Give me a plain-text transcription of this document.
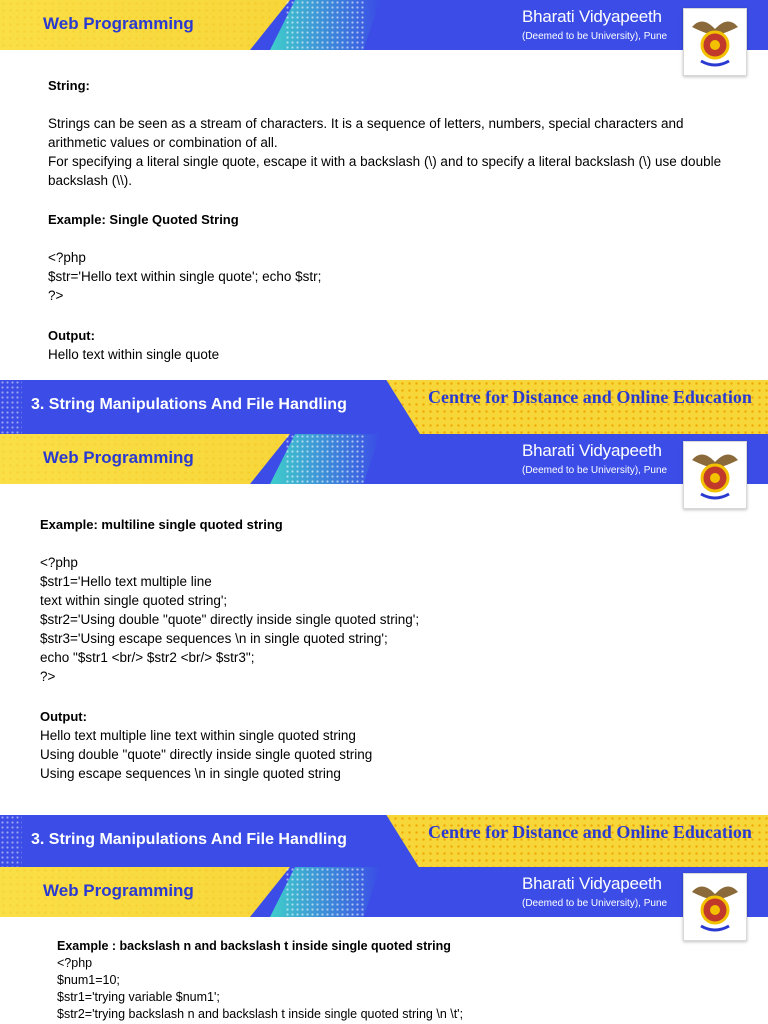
Web Programming	Bharati Vidyapeeth
(Deemed to be University), Pune
String:
Strings can be seen as a stream of characters. It is a sequence of letters, numbers, special characters and arithmetic values or combination of all.
For specifying a literal single quote, escape it with a backslash (\) and to specify a literal backslash (\) use double backslash (\\).
Example: Single Quoted String
<?php
$str='Hello text within single quote'; echo $str;
?>
Output:
Hello text within single quote
3. String Manipulations And File Handling	Centre for Distance and Online Education
Web Programming	Bharati Vidyapeeth
(Deemed to be University), Pune
Example: multiline single quoted string
<?php
$str1='Hello text multiple line
text within single quoted string';
$str2='Using double "quote" directly inside single quoted string';
$str3='Using escape sequences \n in single quoted string';
echo "$str1 <br/> $str2 <br/> $str3";
?>
Output:
Hello text multiple line text within single quoted string
Using double "quote" directly inside single quoted string
Using escape sequences \n in single quoted string
3. String Manipulations And File Handling	Centre for Distance and Online Education
Web Programming	Bharati Vidyapeeth
(Deemed to be University), Pune
Example : backslash n and backslash t inside single quoted string
<?php
$num1=10;
$str1='trying variable $num1';
$str2='trying backslash n and backslash t inside single quoted string \n \t';
